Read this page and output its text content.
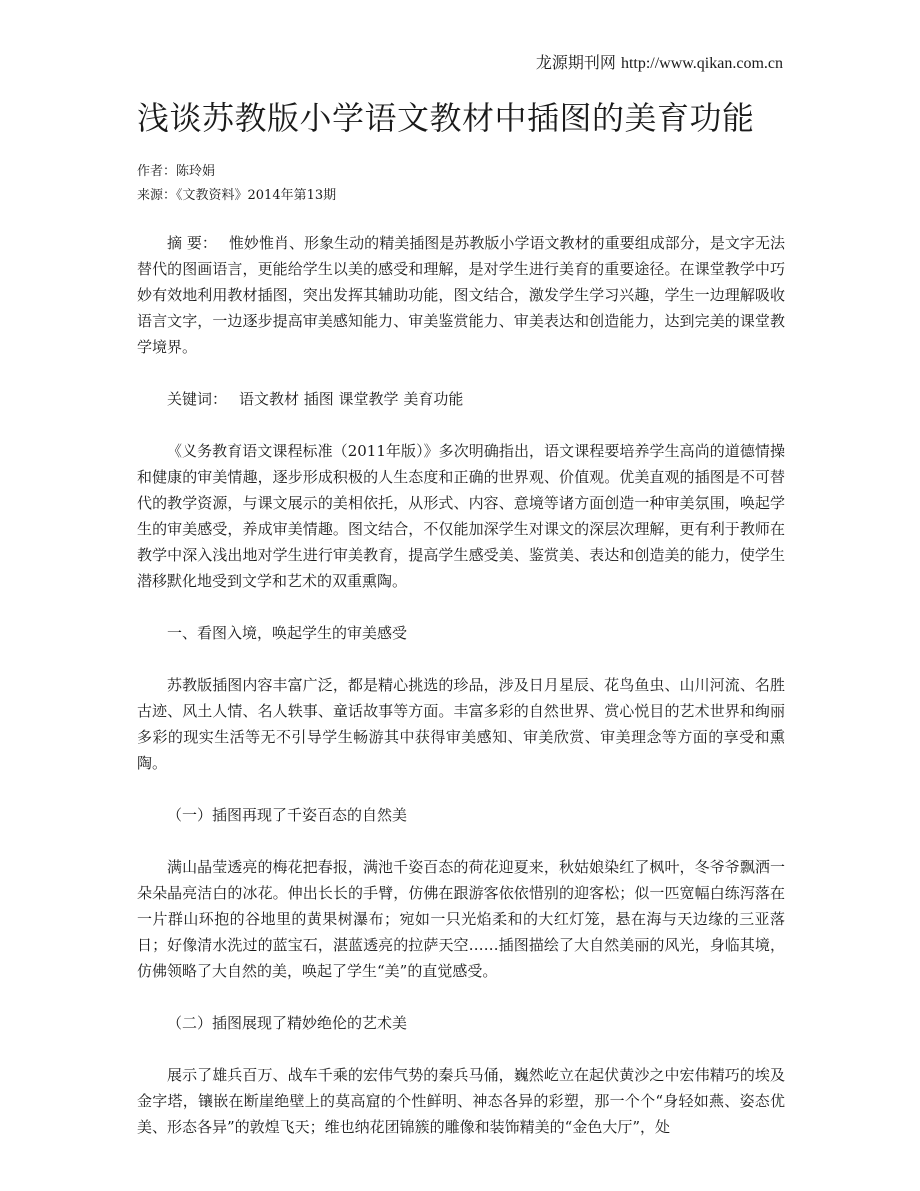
龙源期刊网 http://www.qikan.com.cn
浅谈苏教版小学语文教材中插图的美育功能
作者：陈玲娟
来源：《文教资料》2014年第13期

摘 要： 惟妙惟肖、形象生动的精美插图是苏教版小学语文教材的重要组成部分，是文字无法替代的图画语言，更能给学生以美的感受和理解，是对学生进行美育的重要途径。在课堂教学中巧妙有效地利用教材插图，突出发挥其辅助功能，图文结合，激发学生学习兴趣，学生一边理解吸收语言文字，一边逐步提高审美感知能力、审美鉴赏能力、审美表达和创造能力，达到完美的课堂教学境界。

关键词： 语文教材 插图 课堂教学 美育功能

《义务教育语文课程标准（2011年版）》多次明确指出，语文课程要培养学生高尚的道德情操和健康的审美情趣，逐步形成积极的人生态度和正确的世界观、价值观。优美直观的插图是不可替代的教学资源，与课文展示的美相依托，从形式、内容、意境等诸方面创造一种审美氛围，唤起学生的审美感受，养成审美情趣。图文结合，不仅能加深学生对课文的深层次理解，更有利于教师在教学中深入浅出地对学生进行审美教育，提高学生感受美、鉴赏美、表达和创造美的能力，使学生潜移默化地受到文学和艺术的双重熏陶。

一、看图入境，唤起学生的审美感受

苏教版插图内容丰富广泛，都是精心挑选的珍品，涉及日月星辰、花鸟鱼虫、山川河流、名胜古迹、风土人情、名人轶事、童话故事等方面。丰富多彩的自然世界、赏心悦目的艺术世界和绚丽多彩的现实生活等无不引导学生畅游其中获得审美感知、审美欣赏、审美理念等方面的享受和熏陶。

（一）插图再现了千姿百态的自然美

满山晶莹透亮的梅花把春报，满池千姿百态的荷花迎夏来，秋姑娘染红了枫叶，冬爷爷飘洒一朵朵晶亮洁白的冰花。伸出长长的手臂，仿佛在跟游客依依惜别的迎客松；似一匹宽幅白练泻落在一片群山环抱的谷地里的黄果树瀑布；宛如一只光焰柔和的大红灯笼，悬在海与天边缘的三亚落日；好像清水洗过的蓝宝石，湛蓝透亮的拉萨天空……插图描绘了大自然美丽的风光，身临其境，仿佛领略了大自然的美，唤起了学生“美”的直觉感受。

（二）插图展现了精妙绝伦的艺术美

展示了雄兵百万、战车千乘的宏伟气势的秦兵马俑，巍然屹立在起伏黄沙之中宏伟精巧的埃及金字塔，镶嵌在断崖绝壁上的莫高窟的个性鲜明、神态各异的彩塑，那一个个“身轻如燕、姿态优美、形态各异”的敦煌飞天；维也纳花团锦簇的雕像和装饰精美的“金色大厅”，处
